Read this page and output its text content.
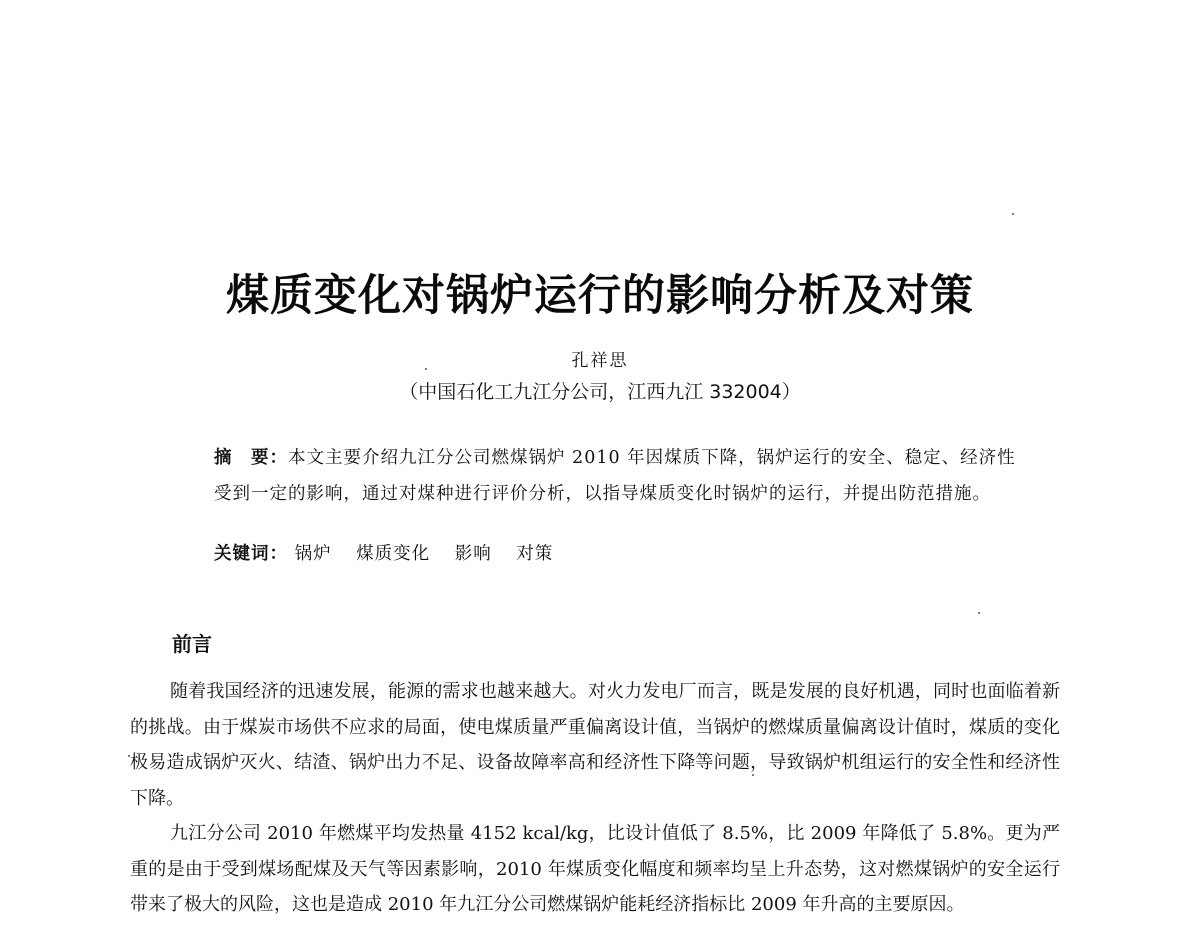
煤质变化对锅炉运行的影响分析及对策
孔祥思
（中国石化工九江分公司，江西九江 332004）
摘　要：本文主要介绍九江分公司燃煤锅炉 2010 年因煤质下降，锅炉运行的安全、稳定、经济性受到一定的影响，通过对煤种进行评价分析，以指导煤质变化时锅炉的运行，并提出防范措施。
关键词： 锅炉 煤质变化 影响 对策
前言

随着我国经济的迅速发展，能源的需求也越来越大。对火力发电厂而言，既是发展的良好机遇，同时也面临着新的挑战。由于煤炭市场供不应求的局面，使电煤质量严重偏离设计值，当锅炉的燃煤质量偏离设计值时，煤质的变化极易造成锅炉灭火、结渣、锅炉出力不足、设备故障率高和经济性下降等问题，导致锅炉机组运行的安全性和经济性下降。

九江分公司 2010 年燃煤平均发热量 4152 kcal/kg，比设计值低了 8.5%，比 2009 年降低了 5.8%。更为严重的是由于受到煤场配煤及天气等因素影响，2010 年煤质变化幅度和频率均呈上升态势，这对燃煤锅炉的安全运行带来了极大的风险，这也是造成 2010 年九江分公司燃煤锅炉能耗经济指标比 2009 年升高的主要原因。
